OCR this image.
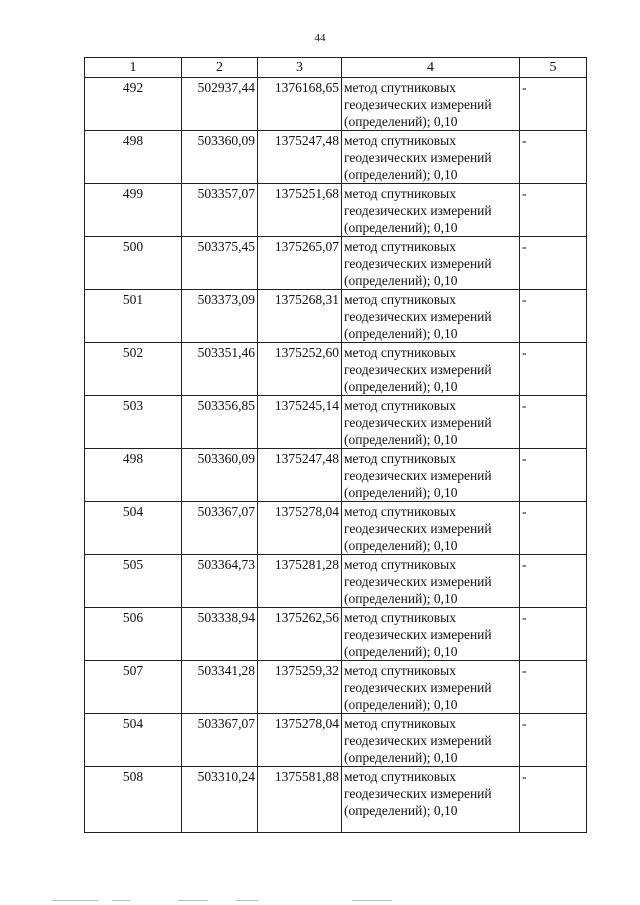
44
1	2	3	4	5
492	502937,44	1376168,65	метод спутниковых
геодезических измерений
(определений); 0,10	-
498	503360,09	1375247,48	метод спутниковых
геодезических измерений
(определений); 0,10	-
499	503357,07	1375251,68	метод спутниковых
геодезических измерений
(определений); 0,10	-
500	503375,45	1375265,07	метод спутниковых
геодезических измерений
(определений); 0,10	-
501	503373,09	1375268,31	метод спутниковых
геодезических измерений
(определений); 0,10	-
502	503351,46	1375252,60	метод спутниковых
геодезических измерений
(определений); 0,10	-
503	503356,85	1375245,14	метод спутниковых
геодезических измерений
(определений); 0,10	-
498	503360,09	1375247,48	метод спутниковых
геодезических измерений
(определений); 0,10	-
504	503367,07	1375278,04	метод спутниковых
геодезических измерений
(определений); 0,10	-
505	503364,73	1375281,28	метод спутниковых
геодезических измерений
(определений); 0,10	-
506	503338,94	1375262,56	метод спутниковых
геодезических измерений
(определений); 0,10	-
507	503341,28	1375259,32	метод спутниковых
геодезических измерений
(определений); 0,10	-
504	503367,07	1375278,04	метод спутниковых
геодезических измерений
(определений); 0,10	-
508	503310,24	1375581,88	метод спутниковых
геодезических измерений
(определений); 0,10	-
